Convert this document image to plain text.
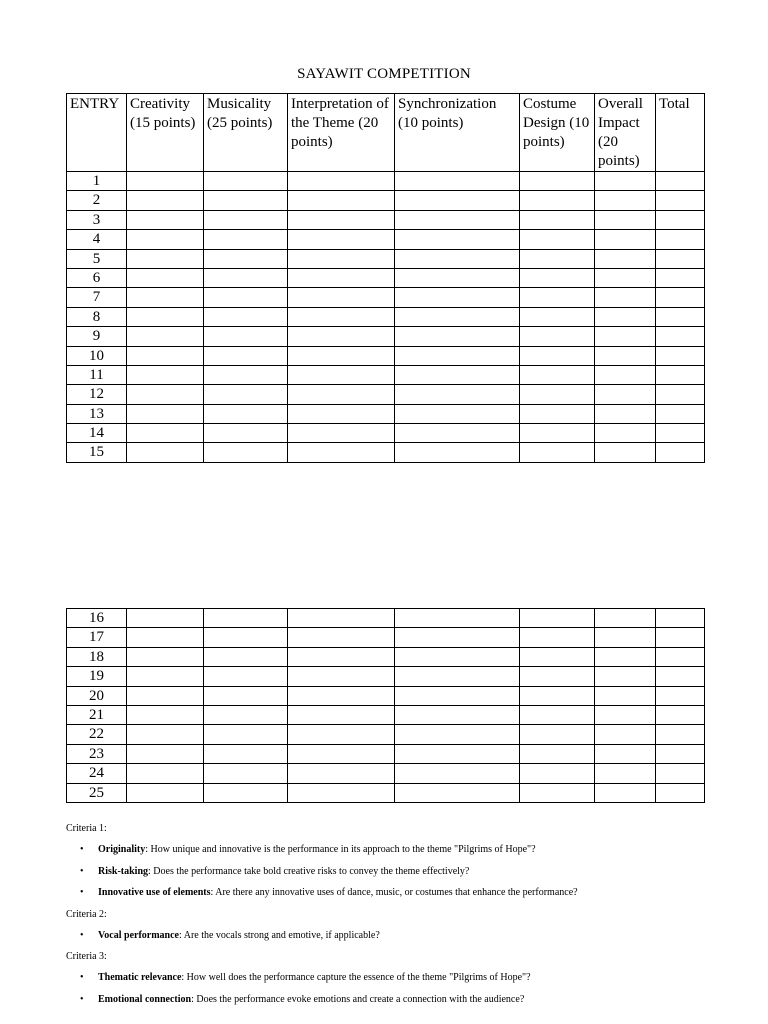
SAYAWIT COMPETITION
ENTRY	Creativity (15 points)	Musicality (25 points)	Interpretation of the Theme (20 points)	Synchronization (10 points)	Costume Design (10 points)	Overall Impact (20 points)	Total
1							
2							
3							
4							
5							
6							
7							
8							
9							
10							
11							
12							
13							
14							
15							
16							
17							
18							
19							
20							
21							
22							
23							
24							
25							
Criteria 1:
• Originality: How unique and innovative is the performance in its approach to the theme "Pilgrims of Hope"?
• Risk-taking: Does the performance take bold creative risks to convey the theme effectively?
• Innovative use of elements: Are there any innovative uses of dance, music, or costumes that enhance the performance?
Criteria 2:
• Vocal performance: Are the vocals strong and emotive, if applicable?
Criteria 3:
• Thematic relevance: How well does the performance capture the essence of the theme "Pilgrims of Hope"?
• Emotional connection: Does the performance evoke emotions and create a connection with the audience?
